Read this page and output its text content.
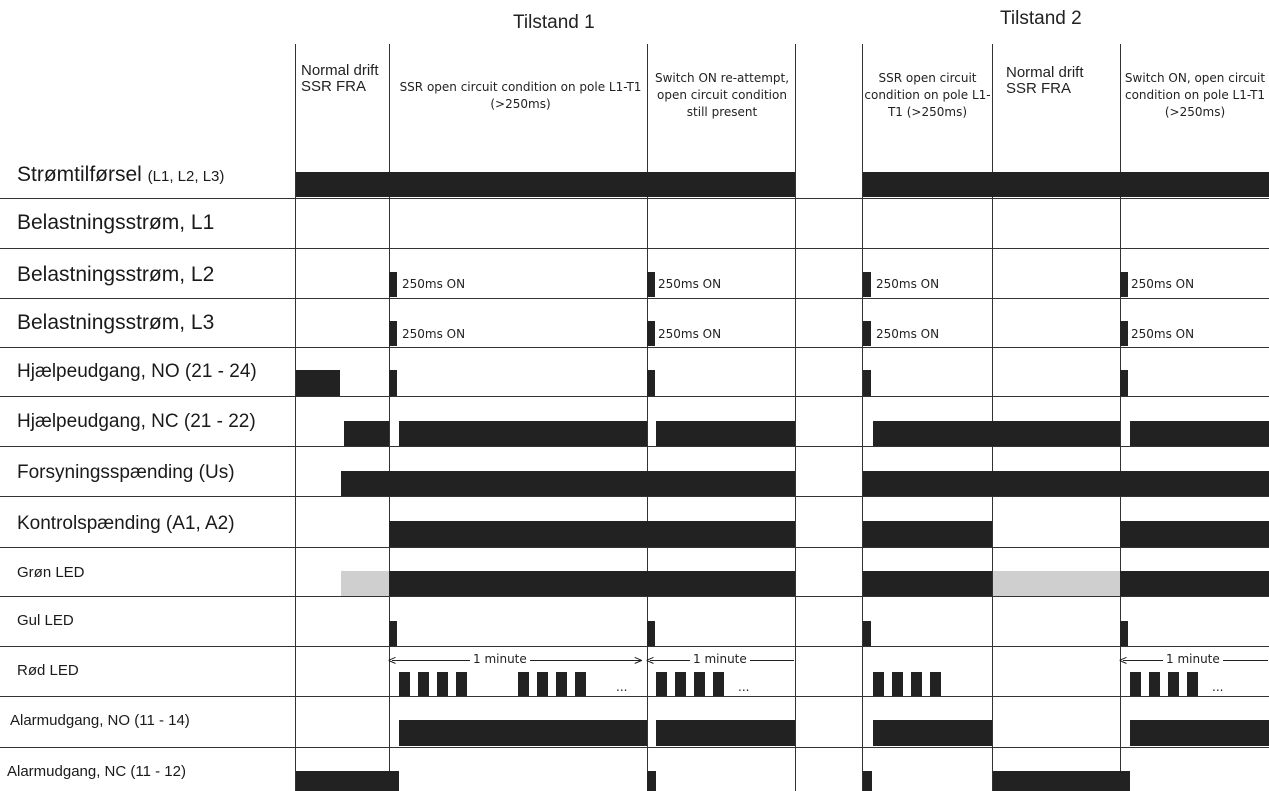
Tilstand 1	Tilstand 2
Normal drift SSR FRA	SSR open circuit condition on pole L1-T1 (>250ms)
Switch ON re-attempt, open circuit condition still present
SSR open circuit condition on pole L1-T1 (>250ms)
Normal drift SSR FRA
Switch ON, open circuit condition on pole L1-T1 (>250ms)
Strømtilførsel (L1, L2, L3)
Belastningsstrøm, L1
Belastningsstrøm, L2
Belastningsstrøm, L3
Hjælpeudgang, NO (21 - 24)
Hjælpeudgang, NC (21 - 22)
Forsyningsspænding (Us)
Kontrolspænding (A1, A2)
Grøn LED
Gul LED
Rød LED
Alarmudgang, NO (11 - 14)
Alarmudgang, NC (11 - 12)
250ms ON	250ms ON	250ms ON	250ms ON
250ms ON	250ms ON	250ms ON	250ms ON
<	>
1 minute	<	1 minute	<	1 minute
...	...	...
